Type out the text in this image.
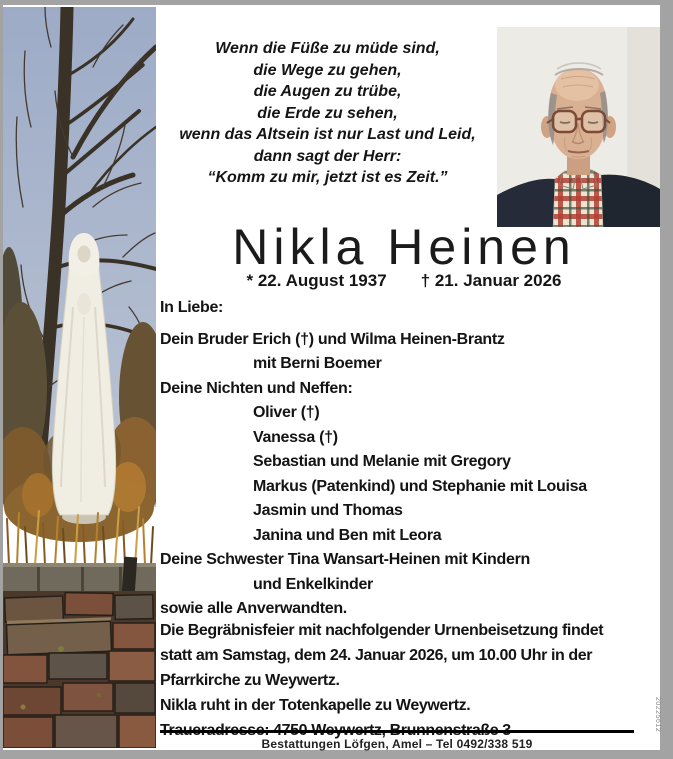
Wenn die Füße zu müde sind,
die Wege zu gehen,
die Augen zu trübe,
die Erde zu sehen,
wenn das Altsein ist nur Last und Leid,
dann sagt der Herr:
“Komm zu mir, jetzt ist es Zeit.”
Nikla Heinen
* 22. August 1937 † 21. Januar 2026
In Liebe:
Dein Bruder Erich (†) und Wilma Heinen-Brantz
mit Berni Boemer
Deine Nichten und Neffen:
Oliver (†)
Vanessa (†)
Sebastian und Melanie mit Gregory
Markus (Patenkind) und Stephanie mit Louisa
Jasmin und Thomas
Janina und Ben mit Leora
Deine Schwester Tina Wansart-Heinen mit Kindern
und Enkelkinder
sowie alle Anverwandten.
Die Begräbnisfeier mit nachfolgender Urnenbeisetzung findet
statt am Samstag, dem 24. Januar 2026, um 10.00 Uhr in der
Pfarrkirche zu Weywertz.
Nikla ruht in der Totenkapelle zu Weywertz.
Bestattungen Löfgen, Amel – Tel 0492/338 519
20225612
